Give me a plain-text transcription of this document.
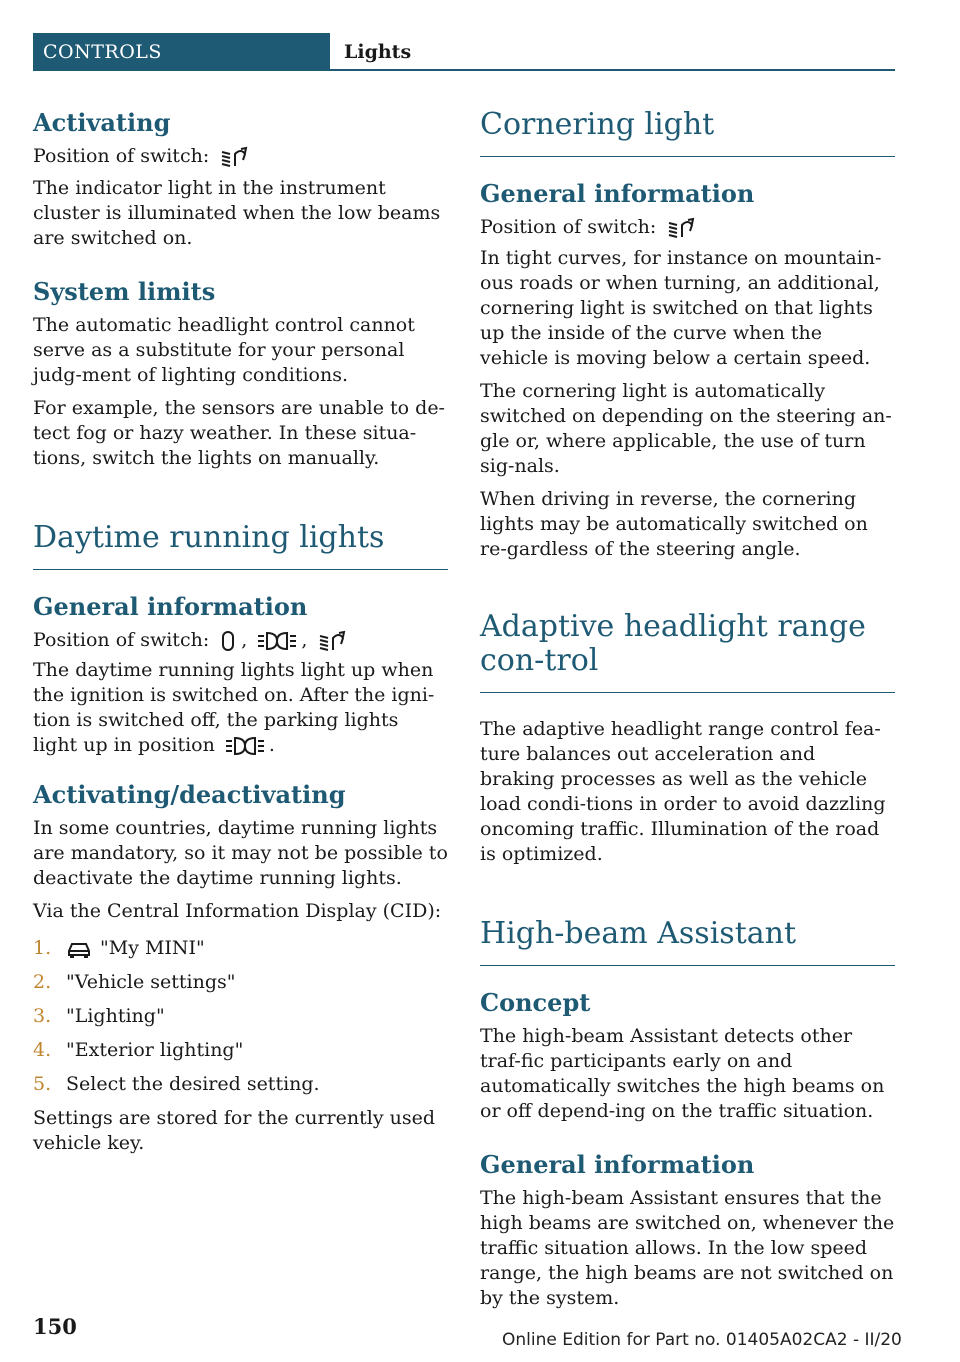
CONTROLS	Lights
Activating

Position of switch:

The indicator light in the instrument cluster is illuminated when the low beams are switched on.

System limits

The automatic headlight control cannot serve as a substitute for your personal judg-ment of lighting conditions.

For example, the sensors are unable to de-tect fog or hazy weather. In these situa-tions, switch the lights on manually.

Daytime running lights
General information

Position of switch: ,	,

The daytime running lights light up when the ignition is switched on. After the igni-tion is switched off, the parking lights light up in position	.

Activating/deactivating

In some countries, daytime running lights are mandatory, so it may not be possible to deactivate the daytime running lights.

Via the Central Information Display (CID):

1.	"My MINI"
2. "Vehicle settings"
3. "Lighting"
4. "Exterior lighting"
5. Select the desired setting.

Settings are stored for the currently used vehicle key.

Cornering light
General information

Position of switch:

In tight curves, for instance on mountain-ous roads or when turning, an additional, cornering light is switched on that lights up the inside of the curve when the vehicle is moving below a certain speed.

The cornering light is automatically switched on depending on the steering an-gle or, where applicable, the use of turn sig-nals.

When driving in reverse, the cornering lights may be automatically switched on re-gardless of the steering angle.

Adaptive headlight range con-trol

The adaptive headlight range control fea-ture balances out acceleration and braking processes as well as the vehicle load condi-tions in order to avoid dazzling oncoming traffic. Illumination of the road is optimized.

High-beam Assistant
Concept

The high-beam Assistant detects other traf-fic participants early on and automatically switches the high beams on or off depend-ing on the traffic situation.

General information

The high-beam Assistant ensures that the high beams are switched on, whenever the traffic situation allows. In the low speed range, the high beams are not switched on by the system.

150
Online Edition for Part no. 01405A02CA2 - II/20
